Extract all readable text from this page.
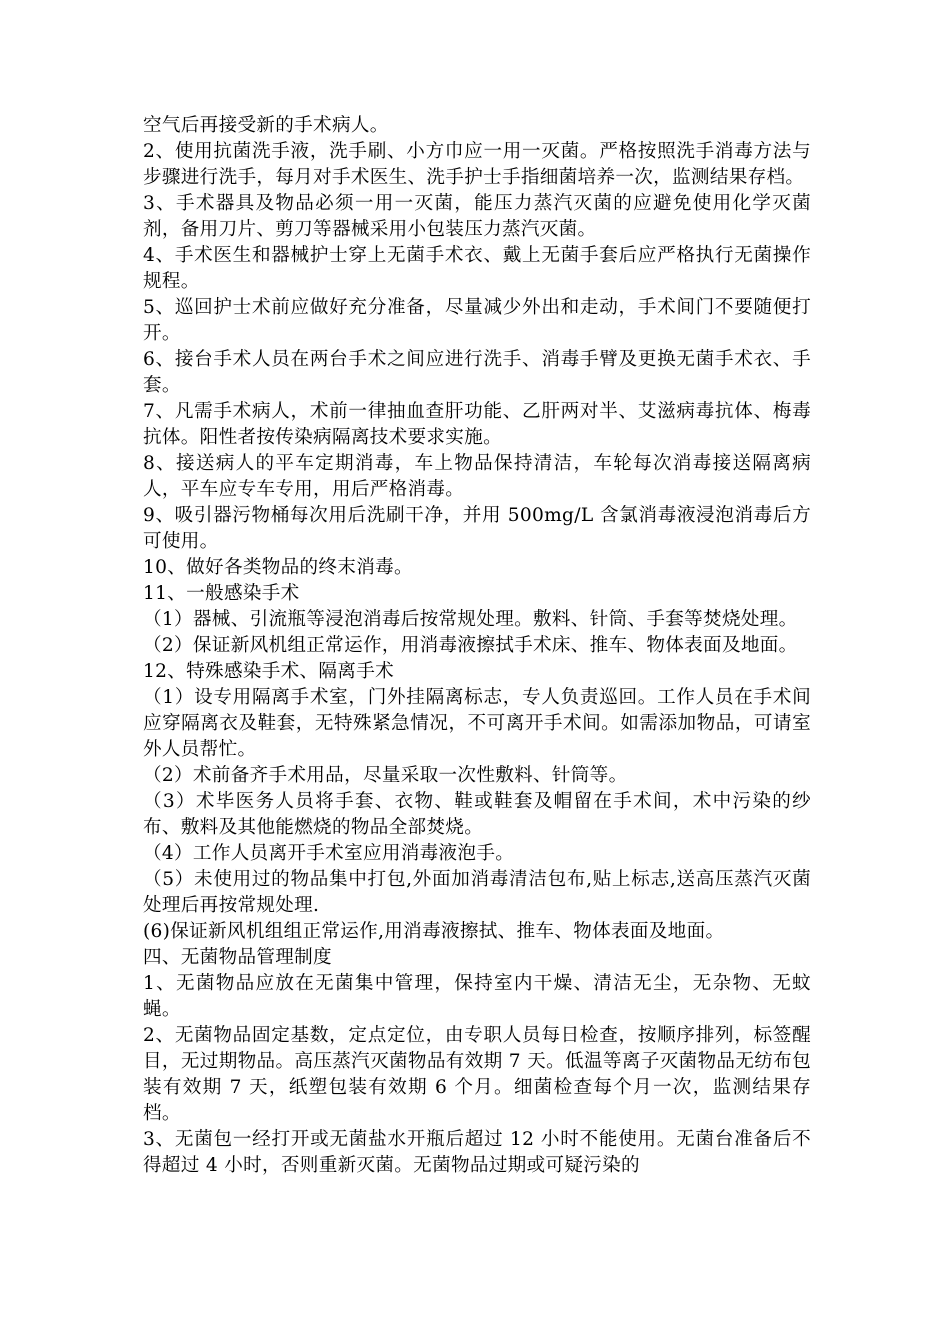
空气后再接受新的手术病人。

2、使用抗菌洗手液，洗手刷、小方巾应一用一灭菌。严格按照洗手消毒方法与步骤进行洗手，每月对手术医生、洗手护士手指细菌培养一次，监测结果存档。

3、手术器具及物品必须一用一灭菌，能压力蒸汽灭菌的应避免使用化学灭菌剂，备用刀片、剪刀等器械采用小包装压力蒸汽灭菌。

4、手术医生和器械护士穿上无菌手术衣、戴上无菌手套后应严格执行无菌操作规程。

5、巡回护士术前应做好充分准备，尽量减少外出和走动，手术间门不要随便打开。

6、接台手术人员在两台手术之间应进行洗手、消毒手臂及更换无菌手术衣、手套。

7、凡需手术病人，术前一律抽血查肝功能、乙肝两对半、艾滋病毒抗体、梅毒抗体。阳性者按传染病隔离技术要求实施。

8、接送病人的平车定期消毒，车上物品保持清洁，车轮每次消毒接送隔离病人，平车应专车专用，用后严格消毒。

9、吸引器污物桶每次用后洗刷干净，并用 500mg/L 含氯消毒液浸泡消毒后方可使用。

10、做好各类物品的终末消毒。

11、一般感染手术

（1）器械、引流瓶等浸泡消毒后按常规处理。敷料、针筒、手套等焚烧处理。

（2）保证新风机组正常运作，用消毒液擦拭手术床、推车、物体表面及地面。

12、特殊感染手术、隔离手术

（1）设专用隔离手术室，门外挂隔离标志，专人负责巡回。工作人员在手术间应穿隔离衣及鞋套，无特殊紧急情况，不可离开手术间。如需添加物品，可请室外人员帮忙。

（2）术前备齐手术用品，尽量采取一次性敷料、针筒等。

（3）术毕医务人员将手套、衣物、鞋或鞋套及帽留在手术间，术中污染的纱布、敷料及其他能燃烧的物品全部焚烧。

（4）工作人员离开手术室应用消毒液泡手。

（5）未使用过的物品集中打包,外面加消毒清洁包布,贴上标志,送高压蒸汽灭菌处理后再按常规处理.

(6)保证新风机组组正常运作,用消毒液擦拭、推车、物体表面及地面。

四、无菌物品管理制度

1、无菌物品应放在无菌集中管理，保持室内干燥、清洁无尘，无杂物、无蚊蝇。

2、无菌物品固定基数，定点定位，由专职人员每日检查，按顺序排列，标签醒目，无过期物品。高压蒸汽灭菌物品有效期 7 天。低温等离子灭菌物品无纺布包装有效期 7 天，纸塑包装有效期 6 个月。细菌检查每个月一次，监测结果存档。

3、无菌包一经打开或无菌盐水开瓶后超过 12 小时不能使用。无菌台准备后不得超过 4 小时，否则重新灭菌。无菌物品过期或可疑污染的
